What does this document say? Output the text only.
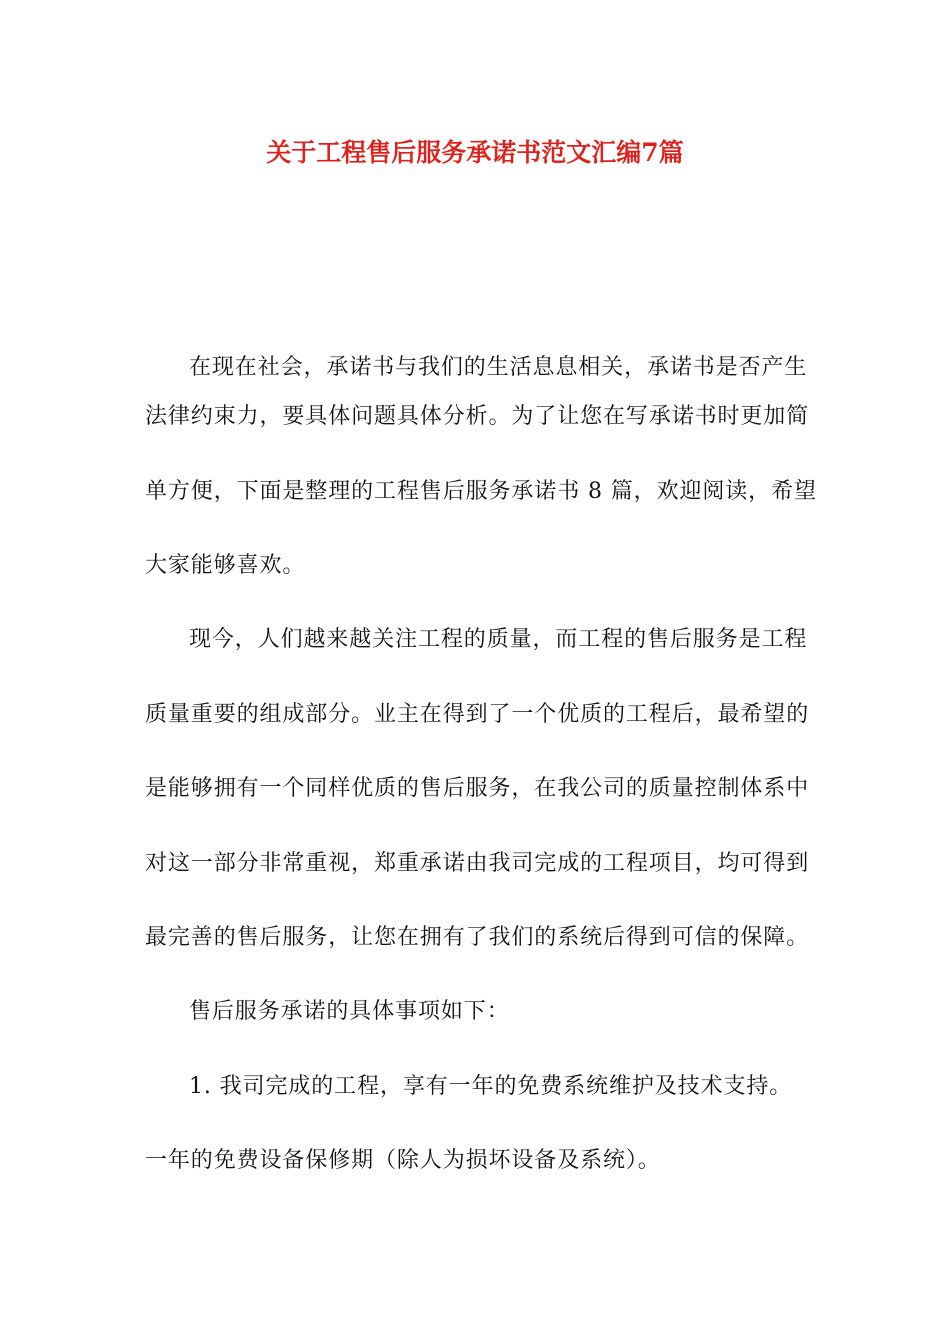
关于工程售后服务承诺书范文汇编7篇
在现在社会，承诺书与我们的生活息息相关，承诺书是否产生
法律约束力，要具体问题具体分析。为了让您在写承诺书时更加简
单方便，下面是整理的工程售后服务承诺书 8 篇，欢迎阅读，希望
大家能够喜欢。
现今，人们越来越关注工程的质量，而工程的售后服务是工程
质量重要的组成部分。业主在得到了一个优质的工程后，最希望的
是能够拥有一个同样优质的售后服务，在我公司的质量控制体系中
对这一部分非常重视，郑重承诺由我司完成的工程项目，均可得到
最完善的售后服务，让您在拥有了我们的系统后得到可信的保障。
售后服务承诺的具体事项如下：
1. 我司完成的工程，享有一年的免费系统维护及技术支持。
一年的免费设备保修期（除人为损坏设备及系统）。
